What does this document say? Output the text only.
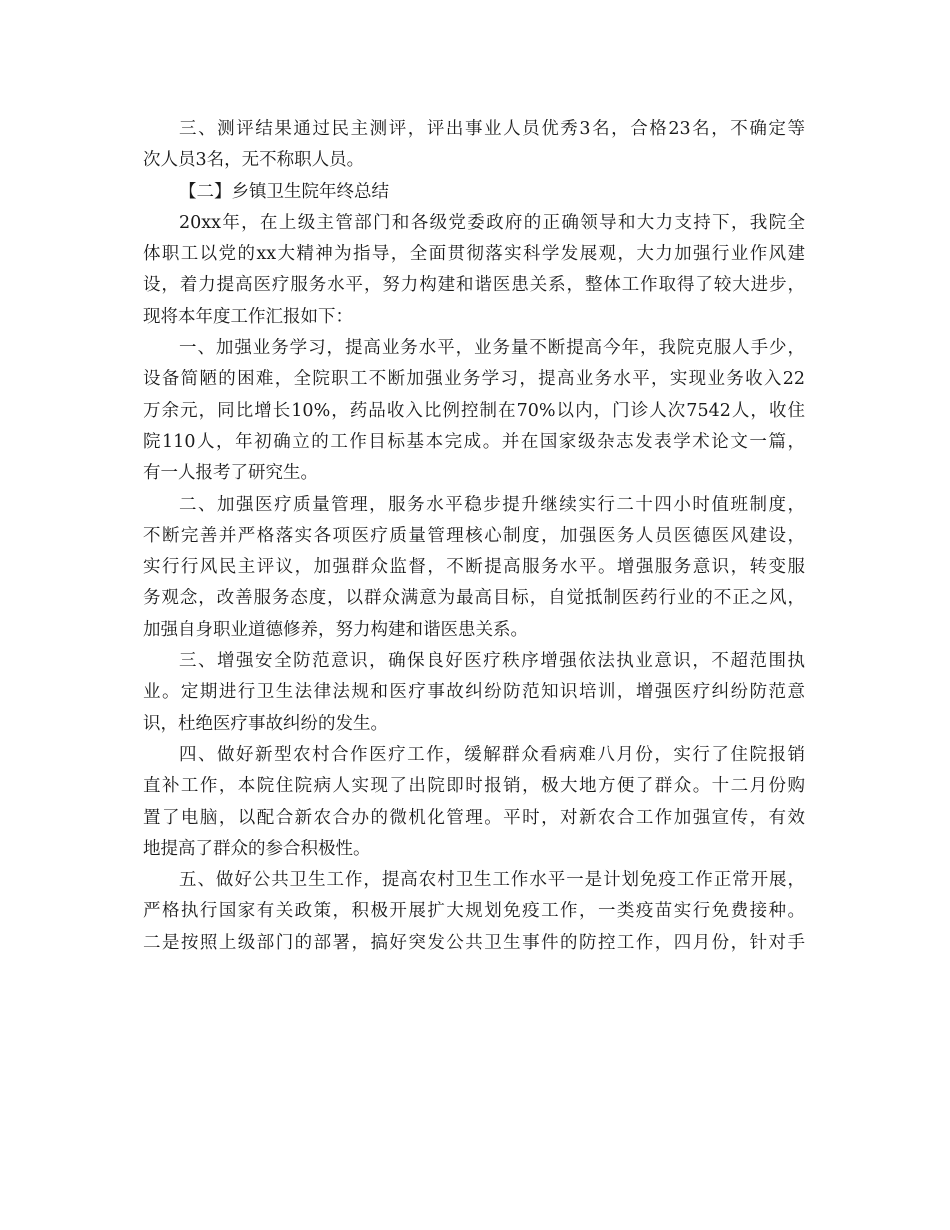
三、测评结果通过民主测评，评出事业人员优秀3名，合格23名，不确定等
次人员3名，无不称职人员。

【二】乡镇卫生院年终总结

20xx年，在上级主管部门和各级党委政府的正确领导和大力支持下，我院全
体职工以党的xx大精神为指导，全面贯彻落实科学发展观，大力加强行业作风建
设，着力提高医疗服务水平，努力构建和谐医患关系，整体工作取得了较大进步，
现将本年度工作汇报如下：

一、加强业务学习，提高业务水平，业务量不断提高今年，我院克服人手少，
设备简陋的困难，全院职工不断加强业务学习，提高业务水平，实现业务收入22
万余元，同比增长10%，药品收入比例控制在70%以内，门诊人次7542人，收住
院110人，年初确立的工作目标基本完成。并在国家级杂志发表学术论文一篇，
有一人报考了研究生。

二、加强医疗质量管理，服务水平稳步提升继续实行二十四小时值班制度，
不断完善并严格落实各项医疗质量管理核心制度，加强医务人员医德医风建设，
实行行风民主评议，加强群众监督，不断提高服务水平。增强服务意识，转变服
务观念，改善服务态度，以群众满意为最高目标，自觉抵制医药行业的不正之风，
加强自身职业道德修养，努力构建和谐医患关系。

三、增强安全防范意识，确保良好医疗秩序增强依法执业意识，不超范围执
业。定期进行卫生法律法规和医疗事故纠纷防范知识培训，增强医疗纠纷防范意
识，杜绝医疗事故纠纷的发生。

四、做好新型农村合作医疗工作，缓解群众看病难八月份，实行了住院报销
直补工作，本院住院病人实现了出院即时报销，极大地方便了群众。十二月份购
置了电脑，以配合新农合办的微机化管理。平时，对新农合工作加强宣传，有效
地提高了群众的参合积极性。

五、做好公共卫生工作，提高农村卫生工作水平一是计划免疫工作正常开展，
严格执行国家有关政策，积极开展扩大规划免疫工作，一类疫苗实行免费接种。
二是按照上级部门的部署，搞好突发公共卫生事件的防控工作，四月份，针对手
